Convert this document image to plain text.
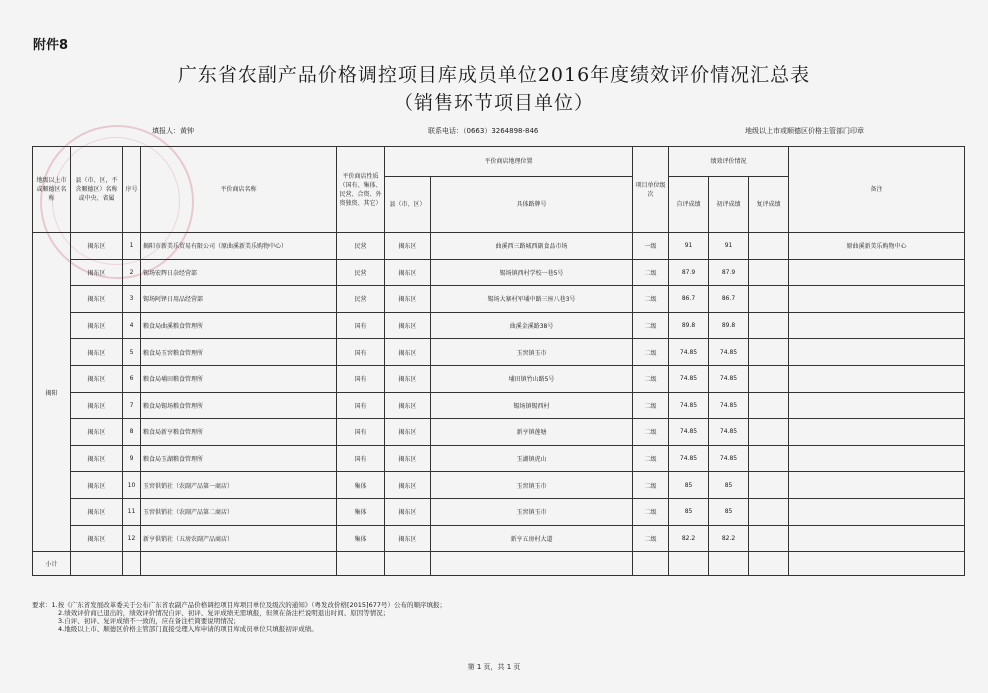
附件8
广东省农副产品价格调控项目库成员单位2016年度绩效评价情况汇总表
（销售环节项目单位）
填报人：黄钟	联系电话：（0663）3264898-846	地级以上市或顺德区价格主管部门印章
地级以上市或顺德区名称	县（市、区，不含顺德区）名称或中央、省属	序号	平价商店名称	平价商店性质（国有、集体、民营、合资、外资独资、其它）	平价商店地理位置		项目单位级次	绩效评价情况			备注
					县（市、区）	具体路牌号		自评成绩	初评成绩	复评成绩	
揭阳	揭东区	1	揭阳市新美乐贸易有限公司（原曲溪新美乐购物中心）	民营	揭东区	曲溪西三路城西副食品市场	一级	91	91		原曲溪新美乐购物中心
	揭东区	2	锡场宏辉日杂经营部	民营	揭东区	锡场镇西村学校一巷5号	二级	87.9	87.9		
	揭东区	3	锡场阿铎日用品经营部	民营	揭东区	锡场大寨村军埔中路三座八巷3号	二级	86.7	86.7		
	揭东区	4	粮食局曲溪粮食管理所	国有	揭东区	曲溪金溪路38号	二级	89.8	89.8		
	揭东区	5	粮食局玉窖粮食管理所	国有	揭东区	玉窖镇玉市	二级	74.85	74.85		
	揭东区	6	粮食局埔田粮食管理所	国有	揭东区	埔田镇竹山路5号	二级	74.85	74.85		
	揭东区	7	粮食局锡场粮食管理所	国有	揭东区	锡场镇锡西村	二级	74.85	74.85		
	揭东区	8	粮食局新亨粮食管理所	国有	揭东区	新亨镇莲塘	二级	74.85	74.85		
	揭东区	9	粮食局玉湖粮食管理所	国有	揭东区	玉湖镇虎山	二级	74.85	74.85		
	揭东区	10	玉窖供销社（农副产品第一商店）	集体	揭东区	玉窖镇玉市	二级	85	85		
	揭东区	11	玉窖供销社（农副产品第二商店）	集体	揭东区	玉窖镇玉市	二级	85	85		
	揭东区	12	新亨供销社（五房农副产品商店）	集体	揭东区	新亨五房村大道	二级	82.2	82.2		
小计											
要求：1.按《广东省发展改革委关于公布广东省农副产品价格调控项目库项目单位及级次的通知》（粤发改价格[2015]677号）公布的顺序填报；
2.绩效评价商已退出的，绩效评价情况自评、初评、复评成绩无需填报，但须在备注栏说明退出时间、原因等情况；
3.自评、初评、复评成绩不一致的，应在备注栏简要说明情况；
4.地级以上市、顺德区价格主管部门直接受理入库申请的项目库成员单位只填报初评成绩。
第 1 页，共 1 页
